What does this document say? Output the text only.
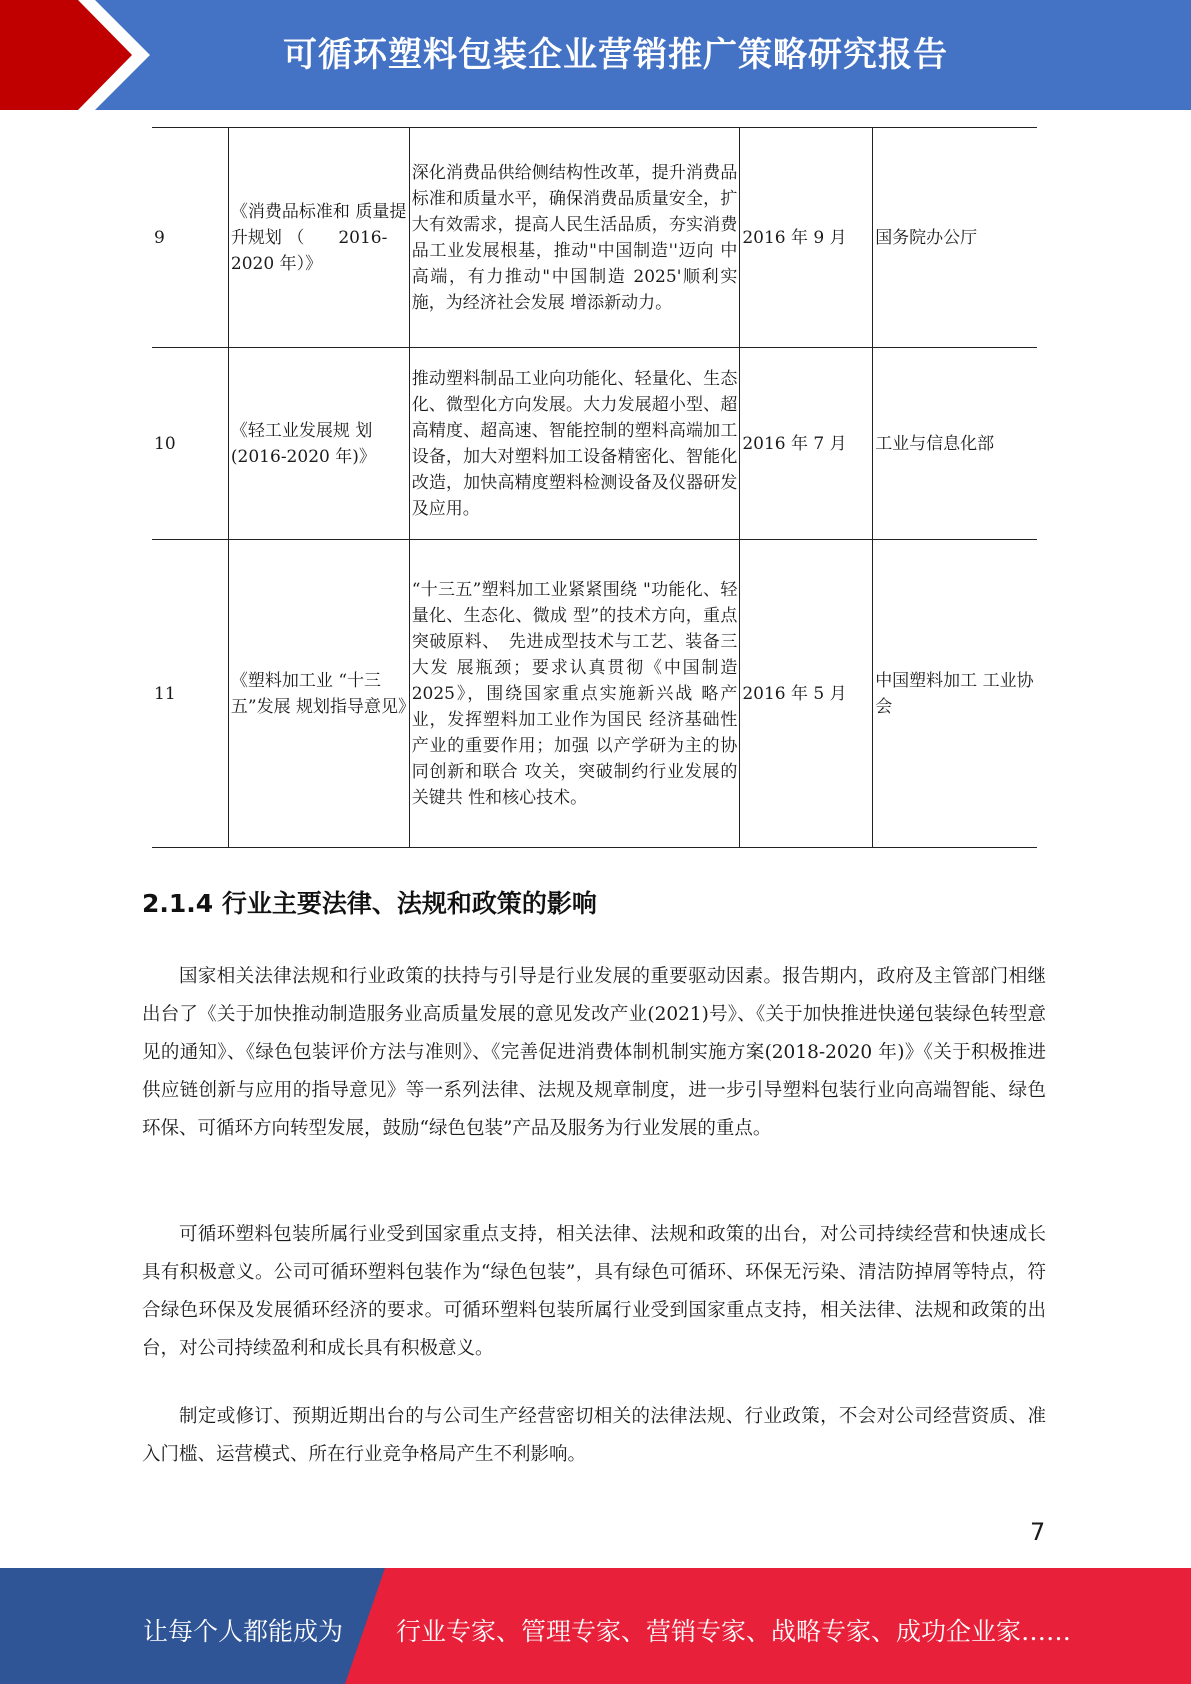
可循环塑料包装企业营销推广策略研究报告
9	《消费品标准和 质量提升规划 （　　2016-2020 年）》	深化消费品供给侧结构性改革，提升消费品标准和质量水平，确保消费品质量安全，扩大有效需求，提高人民生活品质，夯实消费品工业发展根基，推动"中国制造''迈向 中高端，有力推动"中国制造 2025'顺利实施，为经济社会发展 增添新动力。	2016 年 9 月	国务院办公厅
10	《轻工业发展规 划(2016-2020 年)》	推动塑料制品工业向功能化、轻量化、生态化、微型化方向发展。大力发展超小型、超高精度、超高速、智能控制的塑料高端加工设备，加大对塑料加工设备精密化、智能化改造，加快高精度塑料检测设备及仪器研发及应用。	2016 年 7 月	工业与信息化部
11	《塑料加工业 “十三五”发展 规划指导意见》	“十三五”塑料加工业紧紧围绕 "功能化、轻量化、生态化、微成 型”的技术方向，重点突破原料、　先进成型技术与工艺、装备三大发 展瓶颈；要求认真贯彻《中国制造 2025》，围绕国家重点实施新兴战 略产业，发挥塑料加工业作为国民 经济基础性产业的重要作用；加强 以产学研为主的协同创新和联合 攻关，突破制约行业发展的关键共 性和核心技术。	2016 年 5 月	中国塑料加工 工业协会
2.1.4 行业主要法律、法规和政策的影响

国家相关法律法规和行业政策的扶持与引导是行业发展的重要驱动因素。报告期内，政府及主管部门相继出台了《关于加快推动制造服务业高质量发展的意见发改产业(2021)号》、《关于加快推进快递包装绿色转型意见的通知》、《绿色包装评价方法与准则》、《完善促进消费体制机制实施方案(2018-2020 年)》《关于积极推进供应链创新与应用的指导意见》等一系列法律、法规及规章制度，进一步引导塑料包装行业向高端智能、绿色环保、可循环方向转型发展，鼓励“绿色包装”产品及服务为行业发展的重点。

可循环塑料包装所属行业受到国家重点支持，相关法律、法规和政策的出台，对公司持续经营和快速成长具有积极意义。公司可循环塑料包装作为“绿色包装”，具有绿色可循环、环保无污染、清洁防掉屑等特点，符合绿色环保及发展循环经济的要求。可循环塑料包装所属行业受到国家重点支持，相关法律、法规和政策的出台，对公司持续盈利和成长具有积极意义。

制定或修订、预期近期出台的与公司生产经营密切相关的法律法规、行业政策，不会对公司经营资质、准入门槛、运营模式、所在行业竞争格局产生不利影响。

7
让每个人都能成为 行业专家、管理专家、营销专家、战略专家、成功企业家……
